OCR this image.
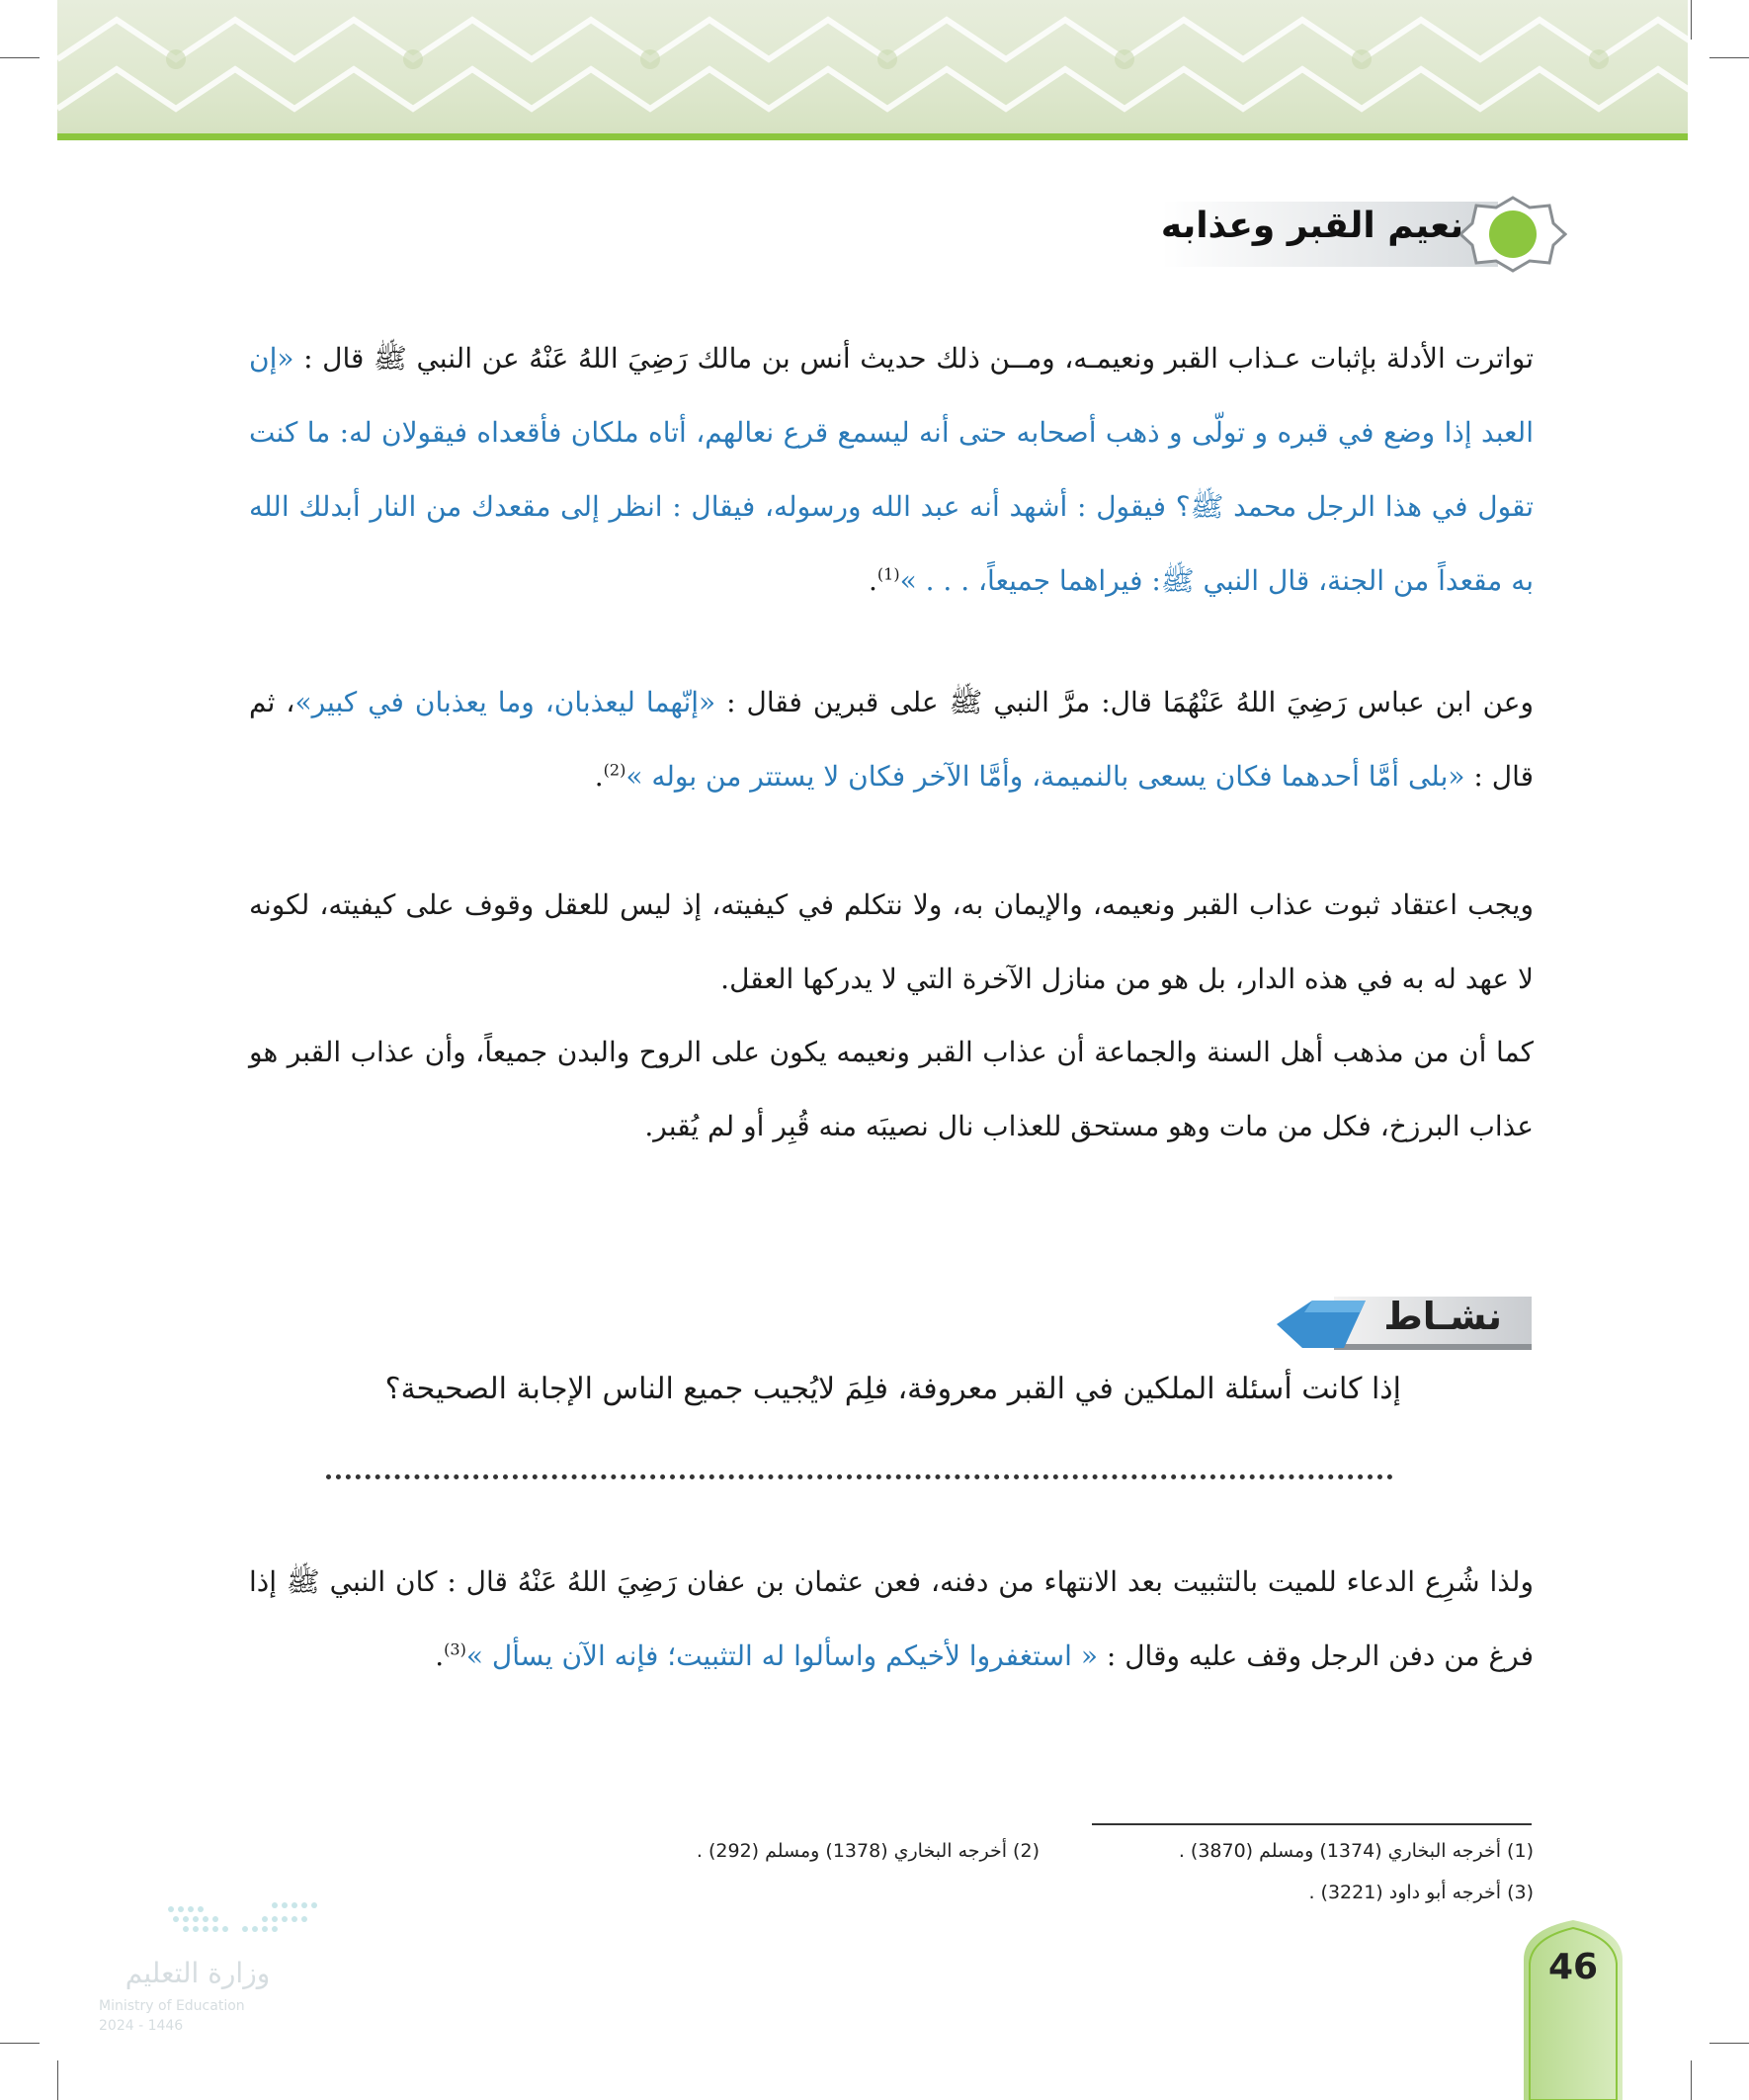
نعيم القبر وعذابه
تواترت الأدلة بإثبات عـذاب القبر ونعيمـه، ومــن ذلك حديث أنس بن مالك رَضِيَ اللهُ عَنْهُ عن النبي ﷺ قال : «إن العبد إذا وضع في قبره و تولّى و ذهب أصحابه حتى أنه ليسمع قرع نعالهم، أتاه ملكان فأقعداه فيقولان له: ما كنت تقول في هذا الرجل محمد ﷺ؟ فيقول : أشهد أنه عبد الله ورسوله، فيقال : انظر إلى مقعدك من النار أبدلك الله به مقعداً من الجنة، قال النبي ﷺ: فيراهما جميعاً، . . . »$^{(1)}$.
وعن ابن عباس رَضِيَ اللهُ عَنْهُمَا قال: مرَّ النبي ﷺ على قبرين فقال : «إنّهما ليعذبان، وما يعذبان في كبير»، ثم قال : «بلى أمَّا أحدهما فكان يسعى بالنميمة، وأمَّا الآخر فكان لا يستتر من بوله »$^{(2)}$.
ويجب اعتقاد ثبوت عذاب القبر ونعيمه، والإيمان به، ولا نتكلم في كيفيته، إذ ليس للعقل وقوف على كيفيته، لكونه لا عهد له به في هذه الدار، بل هو من منازل الآخرة التي لا يدركها العقل.
كما أن من مذهب أهل السنة والجماعة أن عذاب القبر ونعيمه يكون على الروح والبدن جميعاً، وأن عذاب القبر هو عذاب البرزخ، فكل من مات وهو مستحق للعذاب نال نصيبَه منه قُبِر أو لم يُقبر.
نشـاط
إذا كانت أسئلة الملكين في القبر معروفة، فلِمَ لايُجيب جميع الناس الإجابة الصحيحة؟
ولذا شُرِع الدعاء للميت بالتثبيت بعد الانتهاء من دفنه، فعن عثمان بن عفان رَضِيَ اللهُ عَنْهُ قال : كان النبي ﷺ إذا فرغ من دفن الرجل وقف عليه وقال : « استغفروا لأخيكم واسألوا له التثبيت؛ فإنه الآن يسأل »$^{(3)}$.
(1) أخرجه البخاري (1374) ومسلم (3870) .
(2) أخرجه البخاري (1378) ومسلم (292) .
(3) أخرجه أبو داود (3221) .
وزارة التعليم
Ministry of Education
2024 - 1446
46
